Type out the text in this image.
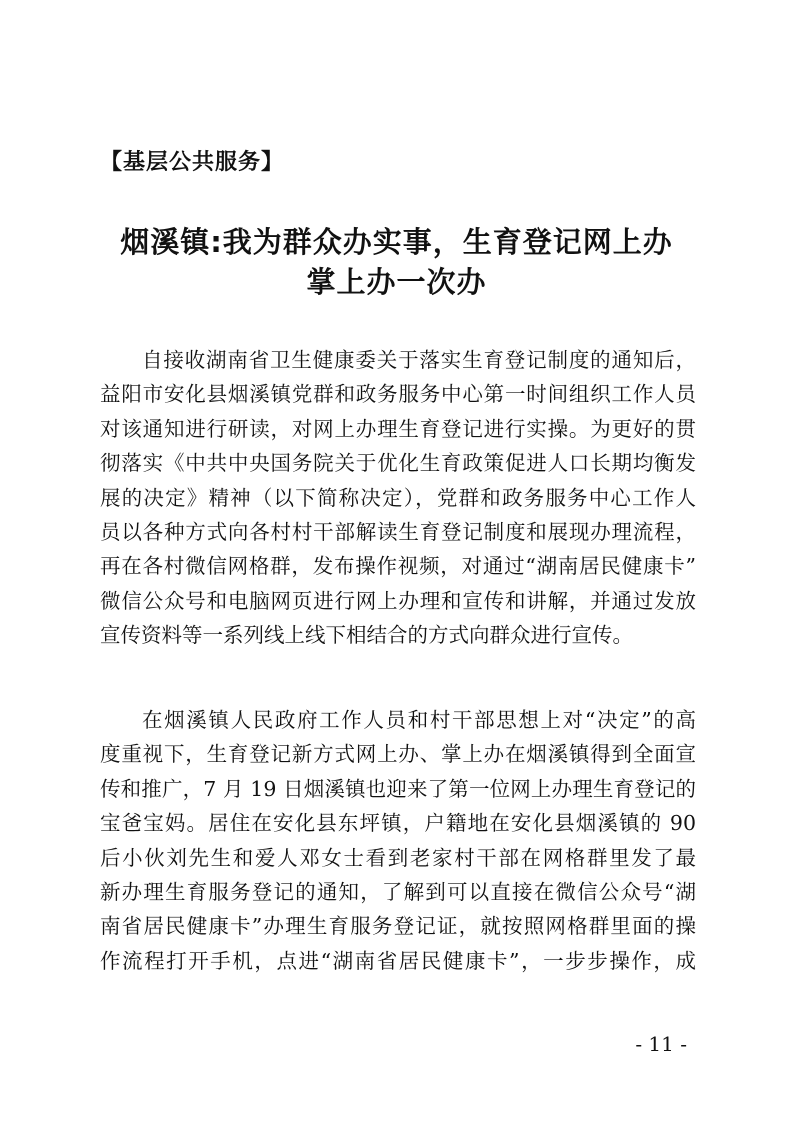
【基层公共服务】
烟溪镇:我为群众办实事，生育登记网上办
掌上办一次办
自接收湖南省卫生健康委关于落实生育登记制度的通知后，
益阳市安化县烟溪镇党群和政务服务中心第一时间组织工作人员
对该通知进行研读，对网上办理生育登记进行实操。为更好的贯
彻落实《中共中央国务院关于优化生育政策促进人口长期均衡发
展的决定》精神（以下简称决定），党群和政务服务中心工作人
员以各种方式向各村村干部解读生育登记制度和展现办理流程，
再在各村微信网格群，发布操作视频，对通过“湖南居民健康卡”
微信公众号和电脑网页进行网上办理和宣传和讲解，并通过发放
宣传资料等一系列线上线下相结合的方式向群众进行宣传。
在烟溪镇人民政府工作人员和村干部思想上对“决定”的高
度重视下，生育登记新方式网上办、掌上办在烟溪镇得到全面宣
传和推广，7 月 19 日烟溪镇也迎来了第一位网上办理生育登记的
宝爸宝妈。居住在安化县东坪镇，户籍地在安化县烟溪镇的 90
后小伙刘先生和爱人邓女士看到老家村干部在网格群里发了最
新办理生育服务登记的通知，了解到可以直接在微信公众号“湖
南省居民健康卡”办理生育服务登记证，就按照网格群里面的操
作流程打开手机，点进“湖南省居民健康卡”，一步步操作，成
- 11 -
